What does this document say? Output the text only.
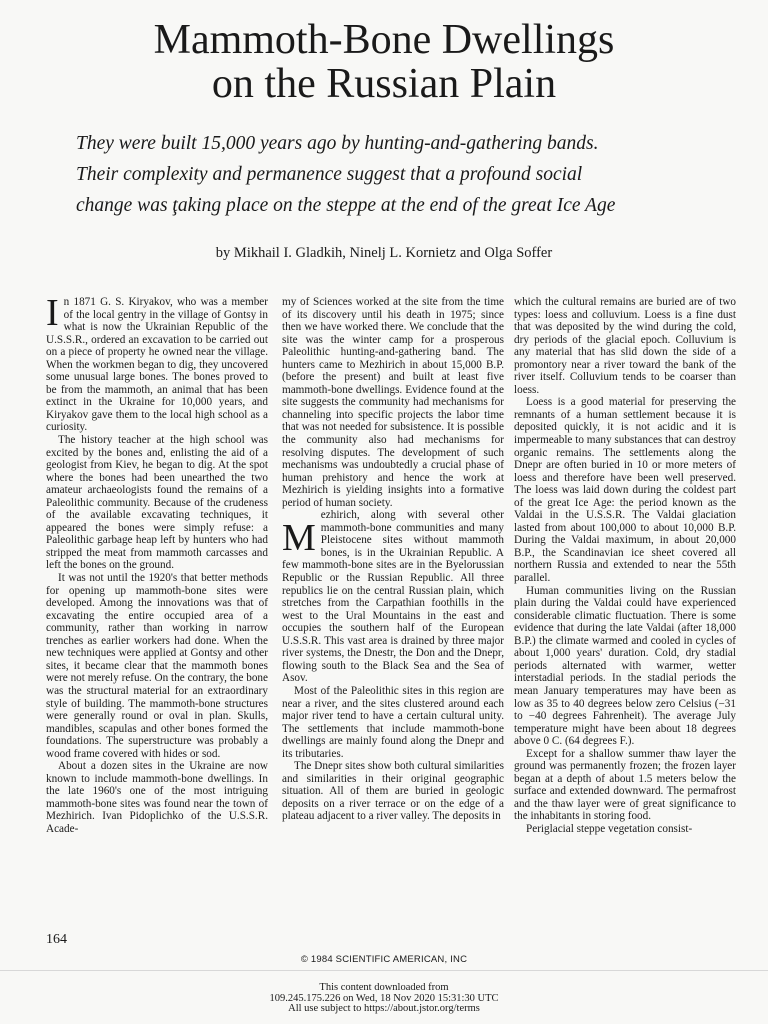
Mammoth-Bone Dwellings
on the Russian Plain
They were built 15,000 years ago by hunting-and-gathering bands.
Their complexity and permanence suggest that a profound social
change was ţaking place on the steppe at the end of the great Ice Age

by Mikhail I. Gladkih, Ninelj L. Kornietz and Olga Soffer

In 1871 G. S. Kiryakov, who was a member of the local gentry in the village of Gontsy in what is now the Ukrainian Republic of the U.S.S.R., ordered an excavation to be carried out on a piece of property he owned near the village. When the workmen began to dig, they uncovered some unusual large bones. The bones proved to be from the mammoth, an animal that has been extinct in the Ukraine for 10,000 years, and Kiryakov gave them to the local high school as a curiosity.

The history teacher at the high school was excited by the bones and, enlisting the aid of a geologist from Kiev, he began to dig. At the spot where the bones had been unearthed the two amateur archaeologists found the remains of a Paleolithic community. Because of the crudeness of the available excavating techniques, it appeared the bones were simply refuse: a Paleolithic garbage heap left by hunters who had stripped the meat from mammoth carcasses and left the bones on the ground.

It was not until the 1920's that better methods for opening up mammoth-bone sites were developed. Among the innovations was that of excavating the entire occupied area of a community, rather than working in narrow trenches as earlier workers had done. When the new techniques were applied at Gontsy and other sites, it became clear that the mammoth bones were not merely refuse. On the contrary, the bone was the structural material for an extraordinary style of building. The mammoth-bone structures were generally round or oval in plan. Skulls, mandibles, scapulas and other bones formed the foundations. The superstructure was probably a wood frame covered with hides or sod.

About a dozen sites in the Ukraine are now known to include mammoth-bone dwellings. In the late 1960's one of the most intriguing mammoth-bone sites was found near the town of Mezhirich. Ivan Pidoplichko of the U.S.S.R. Acade-

my of Sciences worked at the site from the time of its discovery until his death in 1975; since then we have worked there. We conclude that the site was the winter camp for a prosperous Paleolithic hunting-and-gathering band. The hunters came to Mezhirich in about 15,000 B.P. (before the present) and built at least five mammoth-bone dwellings. Evidence found at the site suggests the community had mechanisms for channeling into specific projects the labor time that was not needed for subsistence. It is possible the community also had mechanisms for resolving disputes. The development of such mechanisms was undoubtedly a crucial phase of human prehistory and hence the work at Mezhirich is yielding insights into a formative period of human society.

M
ezhirich, along with several other mammoth-bone communities and many Pleistocene sites without mammoth bones, is in the Ukrainian Republic. A few mammoth-bone sites are in the Byelorussian Republic or the Russian Republic. All three republics lie on the central Russian plain, which stretches from the Carpathian foothills in the west to the Ural Mountains in the east and occupies the southern half of the European U.S.S.R. This vast area is drained by three major river systems, the Dnestr, the Don and the Dnepr, flowing south to the Black Sea and the Sea of Asov.

Most of the Paleolithic sites in this region are near a river, and the sites clustered around each major river tend to have a certain cultural unity. The settlements that include mammoth-bone dwellings are mainly found along the Dnepr and its tributaries.

The Dnepr sites show both cultural similarities and similarities in their original geographic situation. All of them are buried in geologic deposits on a river terrace or on the edge of a plateau adjacent to a river valley. The deposits in

which the cultural remains are buried are of two types: loess and colluvium. Loess is a fine dust that was deposited by the wind during the cold, dry periods of the glacial epoch. Colluvium is any material that has slid down the side of a promontory near a river toward the bank of the river itself. Colluvium tends to be coarser than loess.

Loess is a good material for preserving the remnants of a human settlement because it is deposited quickly, it is not acidic and it is impermeable to many substances that can destroy organic remains. The settlements along the Dnepr are often buried in 10 or more meters of loess and therefore have been well preserved. The loess was laid down during the coldest part of the great Ice Age: the period known as the Valdai in the U.S.S.R. The Valdai glaciation lasted from about 100,000 to about 10,000 B.P. During the Valdai maximum, in about 20,000 B.P., the Scandinavian ice sheet covered all northern Russia and extended to near the 55th parallel.

Human communities living on the Russian plain during the Valdai could have experienced considerable climatic fluctuation. There is some evidence that during the late Valdai (after 18,000 B.P.) the climate warmed and cooled in cycles of about 1,000 years' duration. Cold, dry stadial periods alternated with warmer, wetter interstadial periods. In the stadial periods the mean January temperatures may have been as low as 35 to 40 degrees below zero Celsius (−31 to −40 degrees Fahrenheit). The average July temperature might have been about 18 degrees above 0 C. (64 degrees F.).

Except for a shallow summer thaw layer the ground was permanently frozen; the frozen layer began at a depth of about 1.5 meters below the surface and extended downward. The permafrost and the thaw layer were of great significance to the inhabitants in storing food.

Periglacial steppe vegetation consist-

164
© 1984 SCIENTIFIC AMERICAN, INC
This content downloaded from
109.245.175.226 on Wed, 18 Nov 2020 15:31:30 UTC
All use subject to https://about.jstor.org/terms
